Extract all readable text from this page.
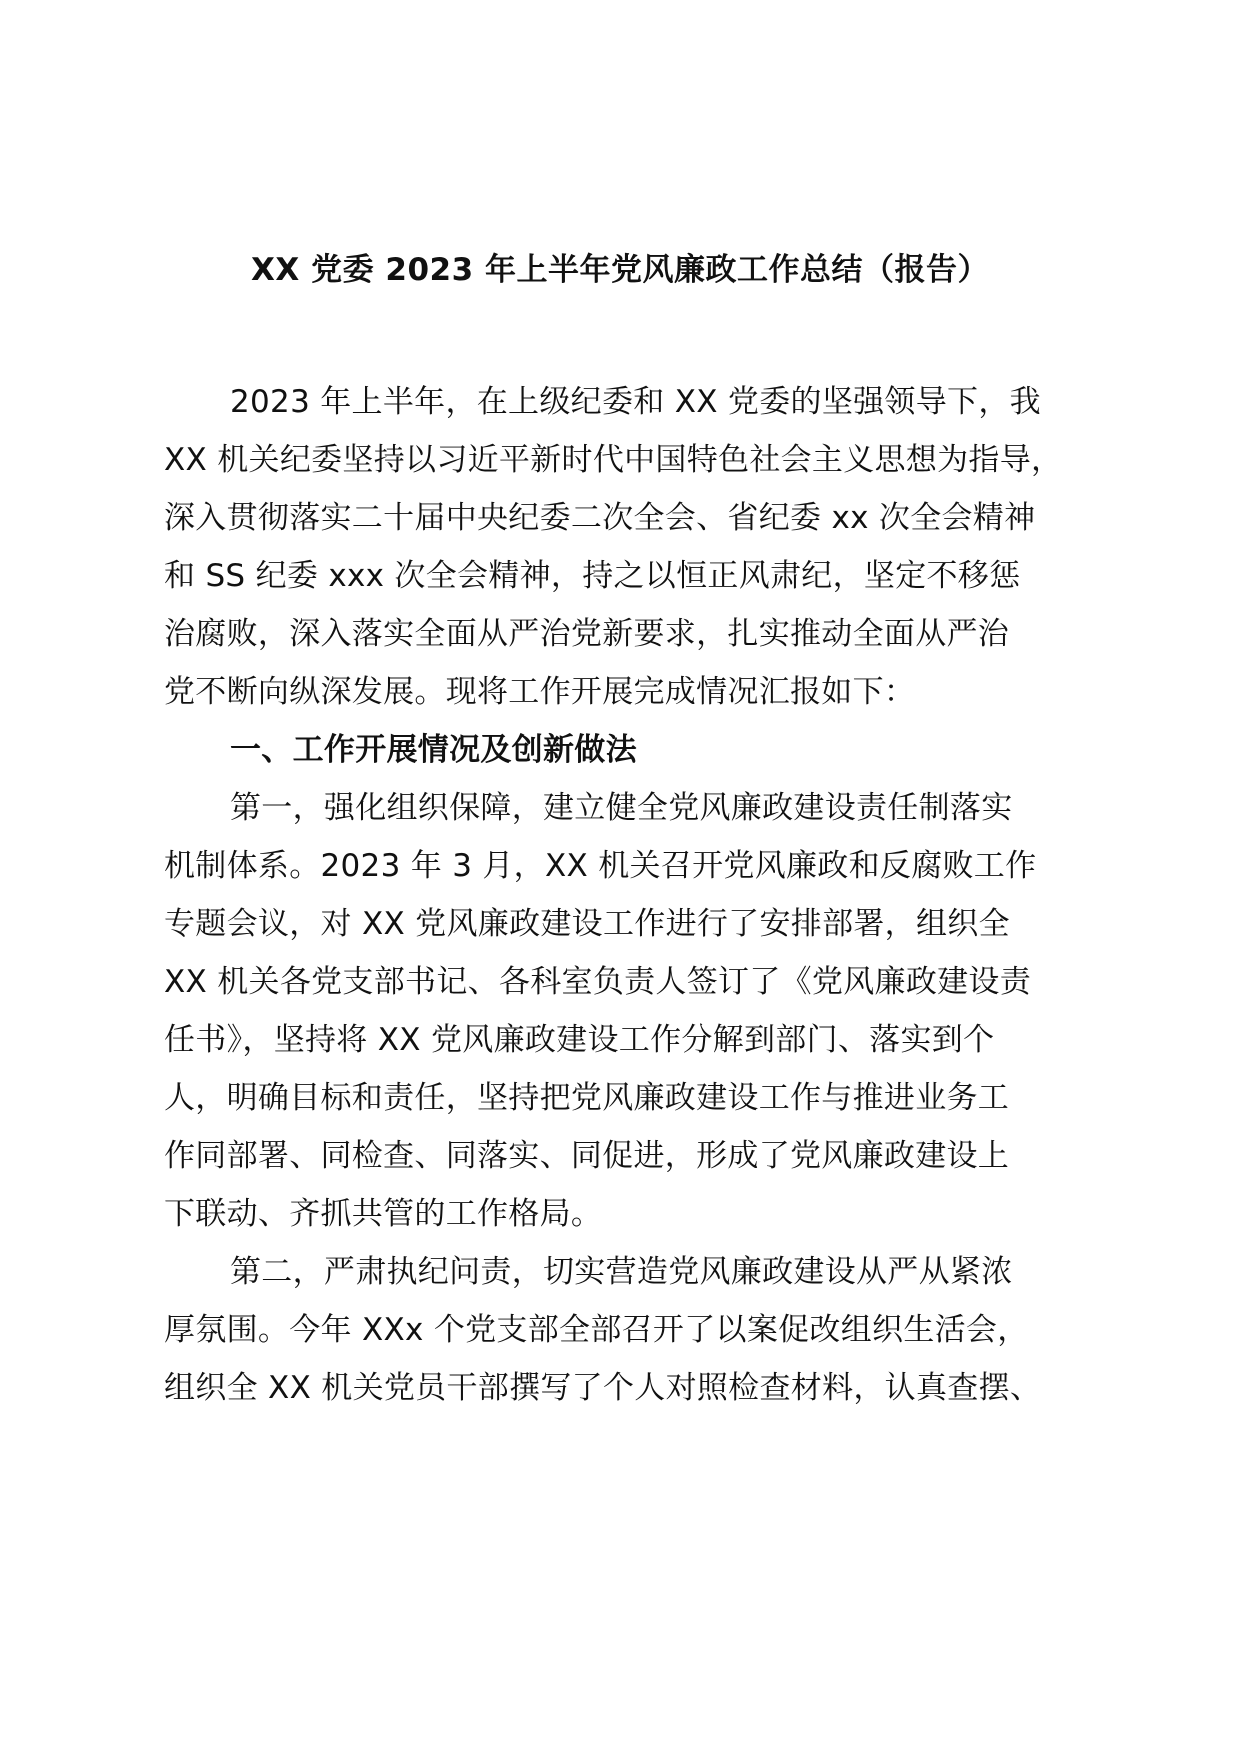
XX 党委 2023 年上半年党风廉政工作总结（报告）
2023 年上半年，在上级纪委和 XX 党委的坚强领导下，我
XX 机关纪委坚持以习近平新时代中国特色社会主义思想为指导，
深入贯彻落实二十届中央纪委二次全会、省纪委 xx 次全会精神
和 SS 纪委 xxx 次全会精神，持之以恒正风肃纪，坚定不移惩
治腐败，深入落实全面从严治党新要求，扎实推动全面从严治
党不断向纵深发展。现将工作开展完成情况汇报如下：
一、工作开展情况及创新做法
第一，强化组织保障，建立健全党风廉政建设责任制落实
机制体系。2023 年 3 月，XX 机关召开党风廉政和反腐败工作
专题会议，对 XX 党风廉政建设工作进行了安排部署，组织全
XX 机关各党支部书记、各科室负责人签订了《党风廉政建设责
任书》，坚持将 XX 党风廉政建设工作分解到部门、落实到个
人，明确目标和责任，坚持把党风廉政建设工作与推进业务工
作同部署、同检查、同落实、同促进，形成了党风廉政建设上
下联动、齐抓共管的工作格局。
第二，严肃执纪问责，切实营造党风廉政建设从严从紧浓
厚氛围。今年 XXx 个党支部全部召开了以案促改组织生活会，
组织全 XX 机关党员干部撰写了个人对照检查材料，认真查摆、
